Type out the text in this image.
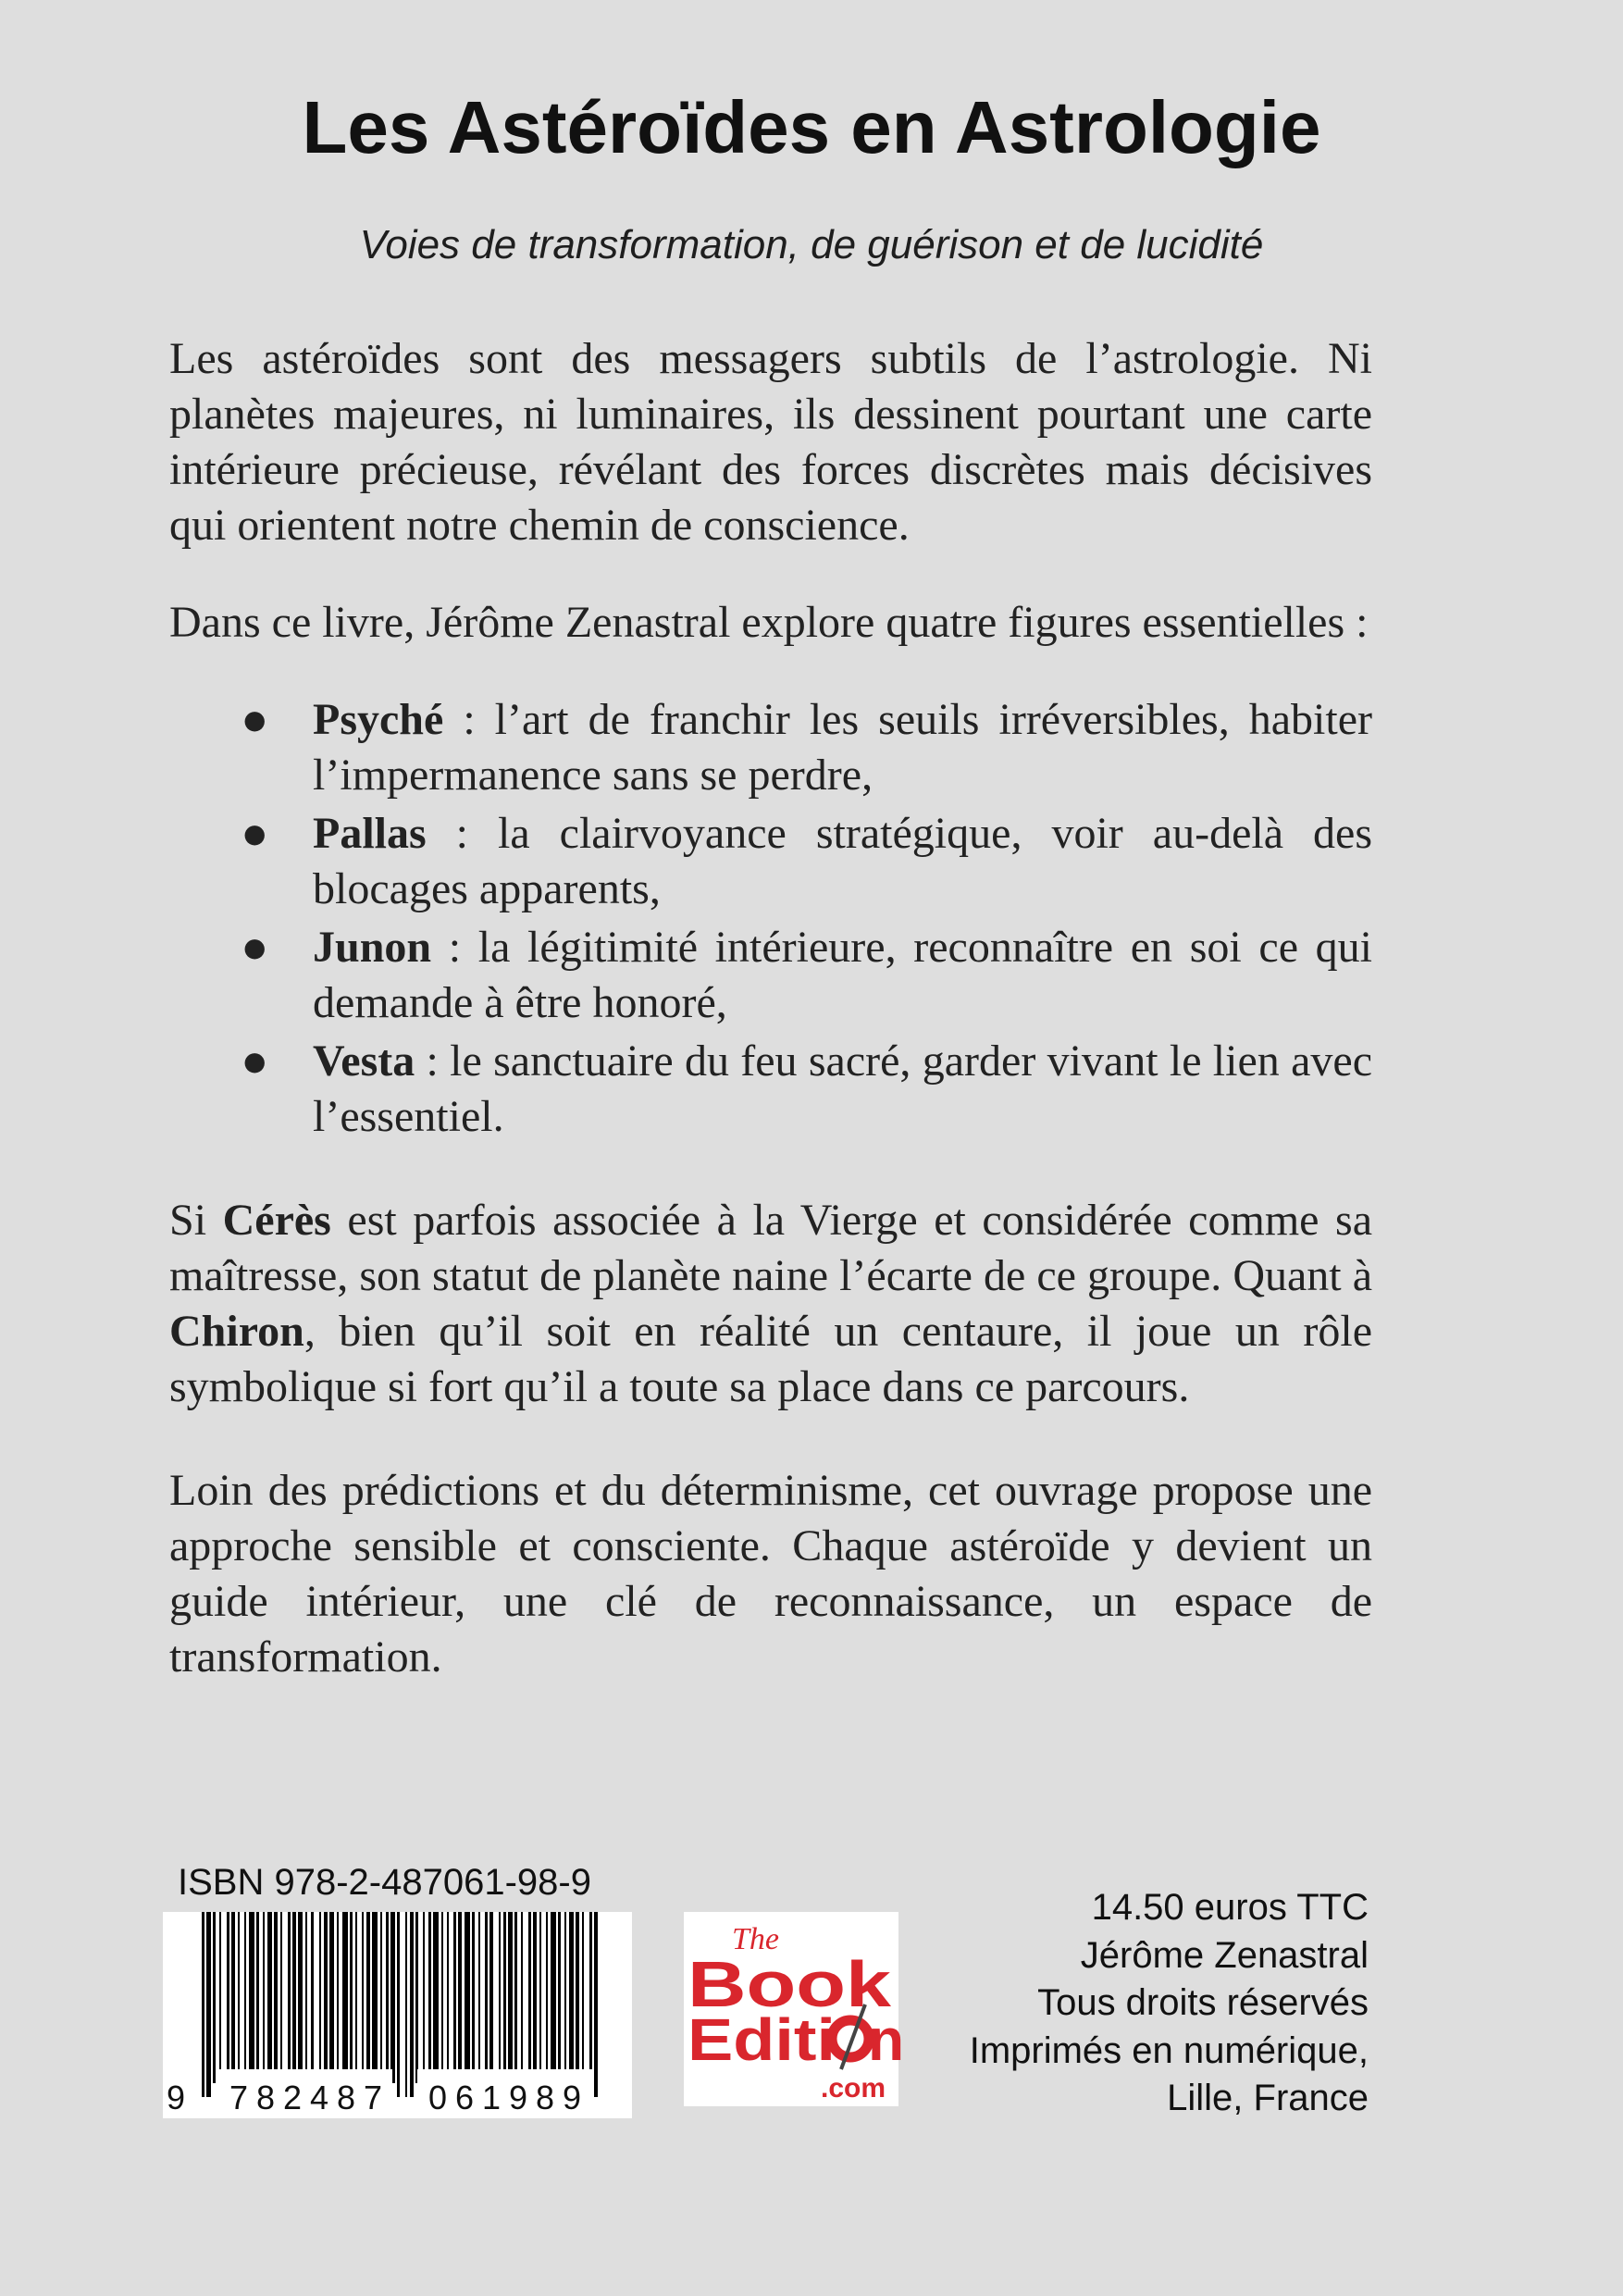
Les Astéroïdes en Astrologie
Voies de transformation, de guérison et de lucidité

Les astéroïdes sont des messagers subtils de l’astrologie. Ni planètes majeures, ni luminaires, ils dessinent pourtant une carte intérieure précieuse, révélant des forces discrètes mais décisives qui orientent notre chemin de conscience.

Dans ce livre, Jérôme Zenastral explore quatre figures essentielles :

● Psyché : l’art de franchir les seuils irréversibles, habiter l’impermanence sans se perdre,
● Pallas : la clairvoyance stratégique, voir au-delà des blocages apparents,
● Junon : la légitimité intérieure, reconnaître en soi ce qui demande à être honoré,
● Vesta : le sanctuaire du feu sacré, garder vivant le lien avec l’essentiel.

Si Cérès est parfois associée à la Vierge et considérée comme sa maîtresse, son statut de planète naine l’écarte de ce groupe. Quant à Chiron, bien qu’il soit en réalité un centaure, il joue un rôle symbolique si fort qu’il a toute sa place dans ce parcours.

Loin des prédictions et du déterminisme, cet ouvrage propose une approche sensible et consciente. Chaque astéroïde y devient un guide intérieur, une clé de reconnaissance, un espace de transformation.

ISBN 978-2-487061-98-9
9 782487 061989
The
Book
Editi n
.com
14.50 euros TTC
Jérôme Zenastral
Tous droits réservés
Imprimés en numérique,
Lille, France
